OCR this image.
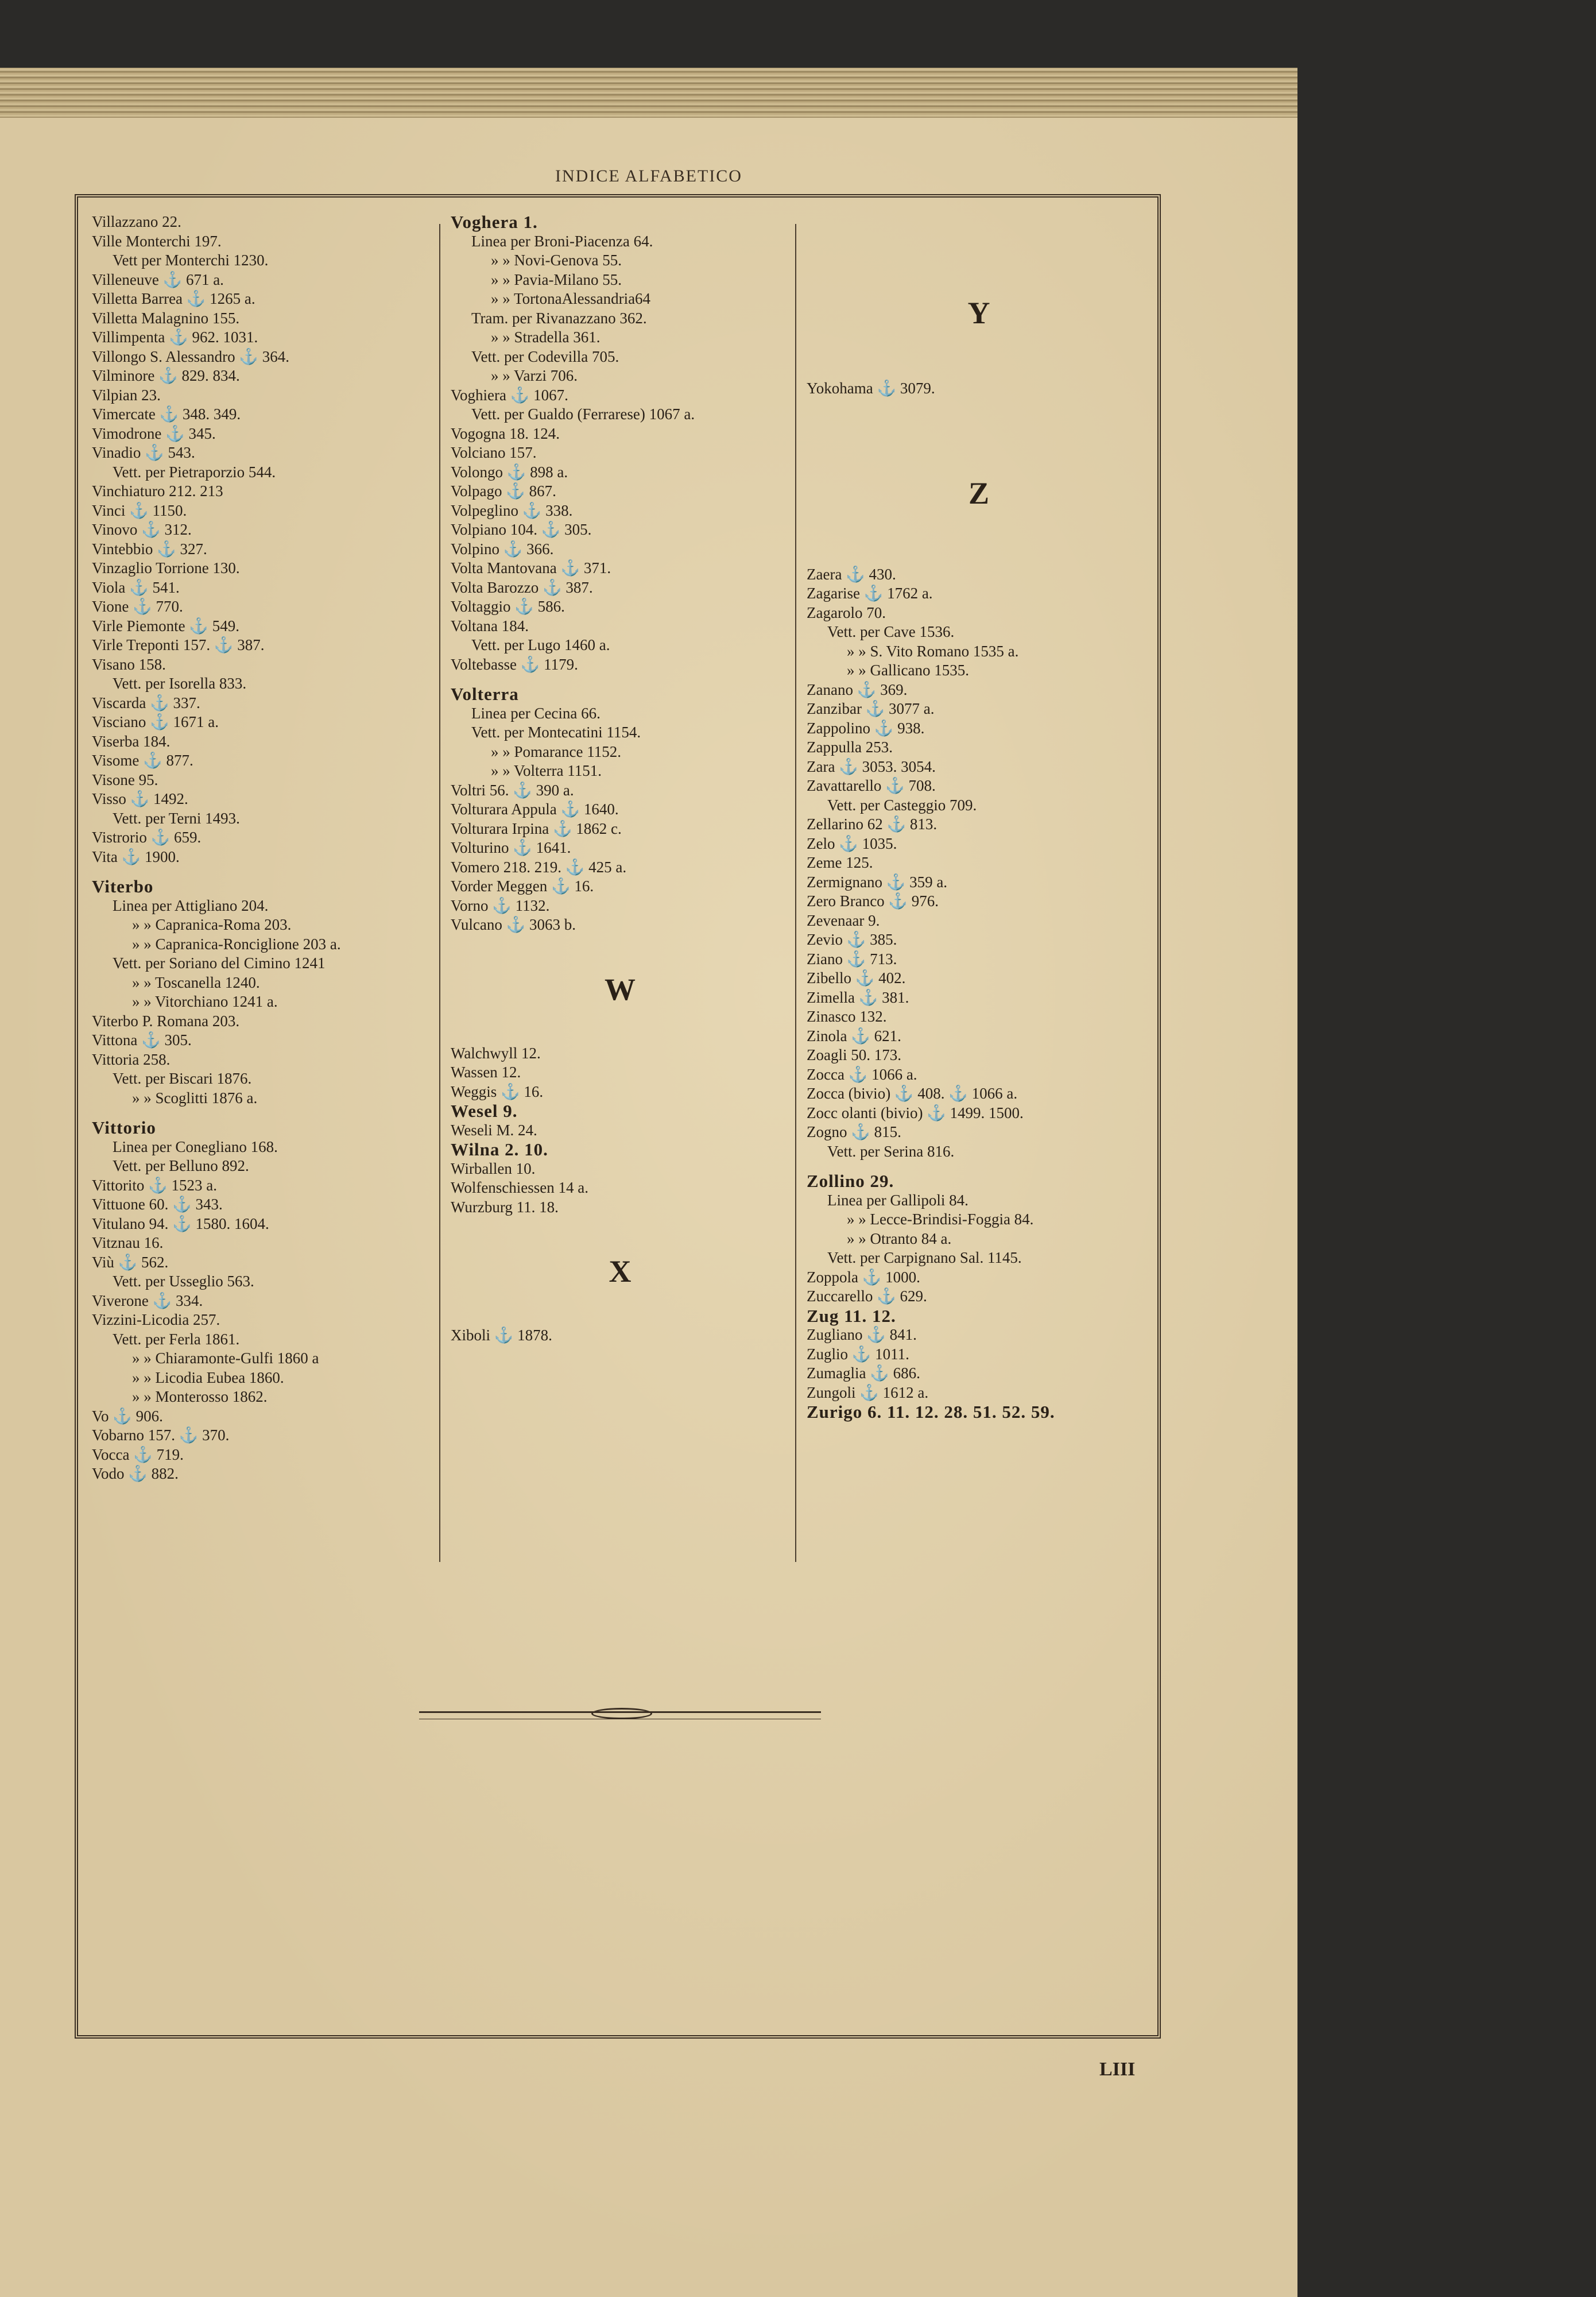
INDICE ALFABETICO
Villazzano 22.
Ville Monterchi 197.
Vett per Monterchi 1230.
Villeneuve ⚓ 671 a.
Villetta Barrea ⚓ 1265 a.
Villetta Malagnino 155.
Villimpenta ⚓ 962. 1031.
Villongo S. Alessandro ⚓ 364.
Vilminore ⚓ 829. 834.
Vilpian 23.
Vimercate ⚓ 348. 349.
Vimodrone ⚓ 345.
Vinadio ⚓ 543.
Vett. per Pietraporzio 544.
Vinchiaturo 212. 213
Vinci ⚓ 1150.
Vinovo ⚓ 312.
Vintebbio ⚓ 327.
Vinzaglio Torrione 130.
Viola ⚓ 541.
Vione ⚓ 770.
Virle Piemonte ⚓ 549.
Virle Treponti 157. ⚓ 387.
Visano 158.
Vett. per Isorella 833.
Viscarda ⚓ 337.
Visciano ⚓ 1671 a.
Viserba 184.
Visome ⚓ 877.
Visone 95.
Visso ⚓ 1492.
Vett. per Terni 1493.
Vistrorio ⚓ 659.
Vita ⚓ 1900.
Viterbo
Linea per Attigliano 204.
» » Capranica-Roma 203.
» » Capranica-Ronciglione 203 a.
Vett. per Soriano del Cimino 1241
» » Toscanella 1240.
» » Vitorchiano 1241 a.
Viterbo P. Romana 203.
Vittona ⚓ 305.
Vittoria 258.
Vett. per Biscari 1876.
» » Scoglitti 1876 a.
Vittorio
Linea per Conegliano 168.
Vett. per Belluno 892.
Vittorito ⚓ 1523 a.
Vittuone 60. ⚓ 343.
Vitulano 94. ⚓ 1580. 1604.
Vitznau 16.
Viù ⚓ 562.
Vett. per Usseglio 563.
Viverone ⚓ 334.
Vizzini-Licodia 257.
Vett. per Ferla 1861.
» » Chiaramonte-Gulfi 1860 a
» » Licodia Eubea 1860.
» » Monterosso 1862.
Vo ⚓ 906.
Vobarno 157. ⚓ 370.
Vocca ⚓ 719.
Vodo ⚓ 882.
Voghera 1.
Linea per Broni-Piacenza 64.
» » Novi-Genova 55.
» » Pavia-Milano 55.
» » TortonaAlessandria64
Tram. per Rivanazzano 362.
» » Stradella 361.
Vett. per Codevilla 705.
» » Varzi 706.
Voghiera ⚓ 1067.
Vett. per Gualdo (Ferrarese) 1067 a.
Vogogna 18. 124.
Volciano 157.
Volongo ⚓ 898 a.
Volpago ⚓ 867.
Volpeglino ⚓ 338.
Volpiano 104. ⚓ 305.
Volpino ⚓ 366.
Volta Mantovana ⚓ 371.
Volta Barozzo ⚓ 387.
Voltaggio ⚓ 586.
Voltana 184.
Vett. per Lugo 1460 a.
Voltebasse ⚓ 1179.
Volterra
Linea per Cecina 66.
Vett. per Montecatini 1154.
» » Pomarance 1152.
» » Volterra 1151.
Voltri 56. ⚓ 390 a.
Volturara Appula ⚓ 1640.
Volturara Irpina ⚓ 1862 c.
Volturino ⚓ 1641.
Vomero 218. 219. ⚓ 425 a.
Vorder Meggen ⚓ 16.
Vorno ⚓ 1132.
Vulcano ⚓ 3063 b.
W
Walchwyll 12.
Wassen 12.
Weggis ⚓ 16.
Wesel 9.
Weseli M. 24.
Wilna 2. 10.
Wirballen 10.
Wolfenschiessen 14 a.
Wurzburg 11. 18.
X
Xiboli ⚓ 1878.
Y
Yokohama ⚓ 3079.
Z
Zaera ⚓ 430.
Zagarise ⚓ 1762 a.
Zagarolo 70.
Vett. per Cave 1536.
» » S. Vito Romano 1535 a.
» » Gallicano 1535.
Zanano ⚓ 369.
Zanzibar ⚓ 3077 a.
Zappolino ⚓ 938.
Zappulla 253.
Zara ⚓ 3053. 3054.
Zavattarello ⚓ 708.
Vett. per Casteggio 709.
Zellarino 62 ⚓ 813.
Zelo ⚓ 1035.
Zeme 125.
Zermignano ⚓ 359 a.
Zero Branco ⚓ 976.
Zevenaar 9.
Zevio ⚓ 385.
Ziano ⚓ 713.
Zibello ⚓ 402.
Zimella ⚓ 381.
Zinasco 132.
Zinola ⚓ 621.
Zoagli 50. 173.
Zocca ⚓ 1066 a.
Zocca (bivio) ⚓ 408. ⚓ 1066 a.
Zocc olanti (bivio) ⚓ 1499. 1500.
Zogno ⚓ 815.
Vett. per Serina 816.
Zollino 29.
Linea per Gallipoli 84.
» » Lecce-Brindisi-Foggia 84.
» » Otranto 84 a.
Vett. per Carpignano Sal. 1145.
Zoppola ⚓ 1000.
Zuccarello ⚓ 629.
Zug 11. 12.
Zugliano ⚓ 841.
Zuglio ⚓ 1011.
Zumaglia ⚓ 686.
Zungoli ⚓ 1612 a.
Zurigo 6. 11. 12. 28. 51. 52. 59.
LIII
